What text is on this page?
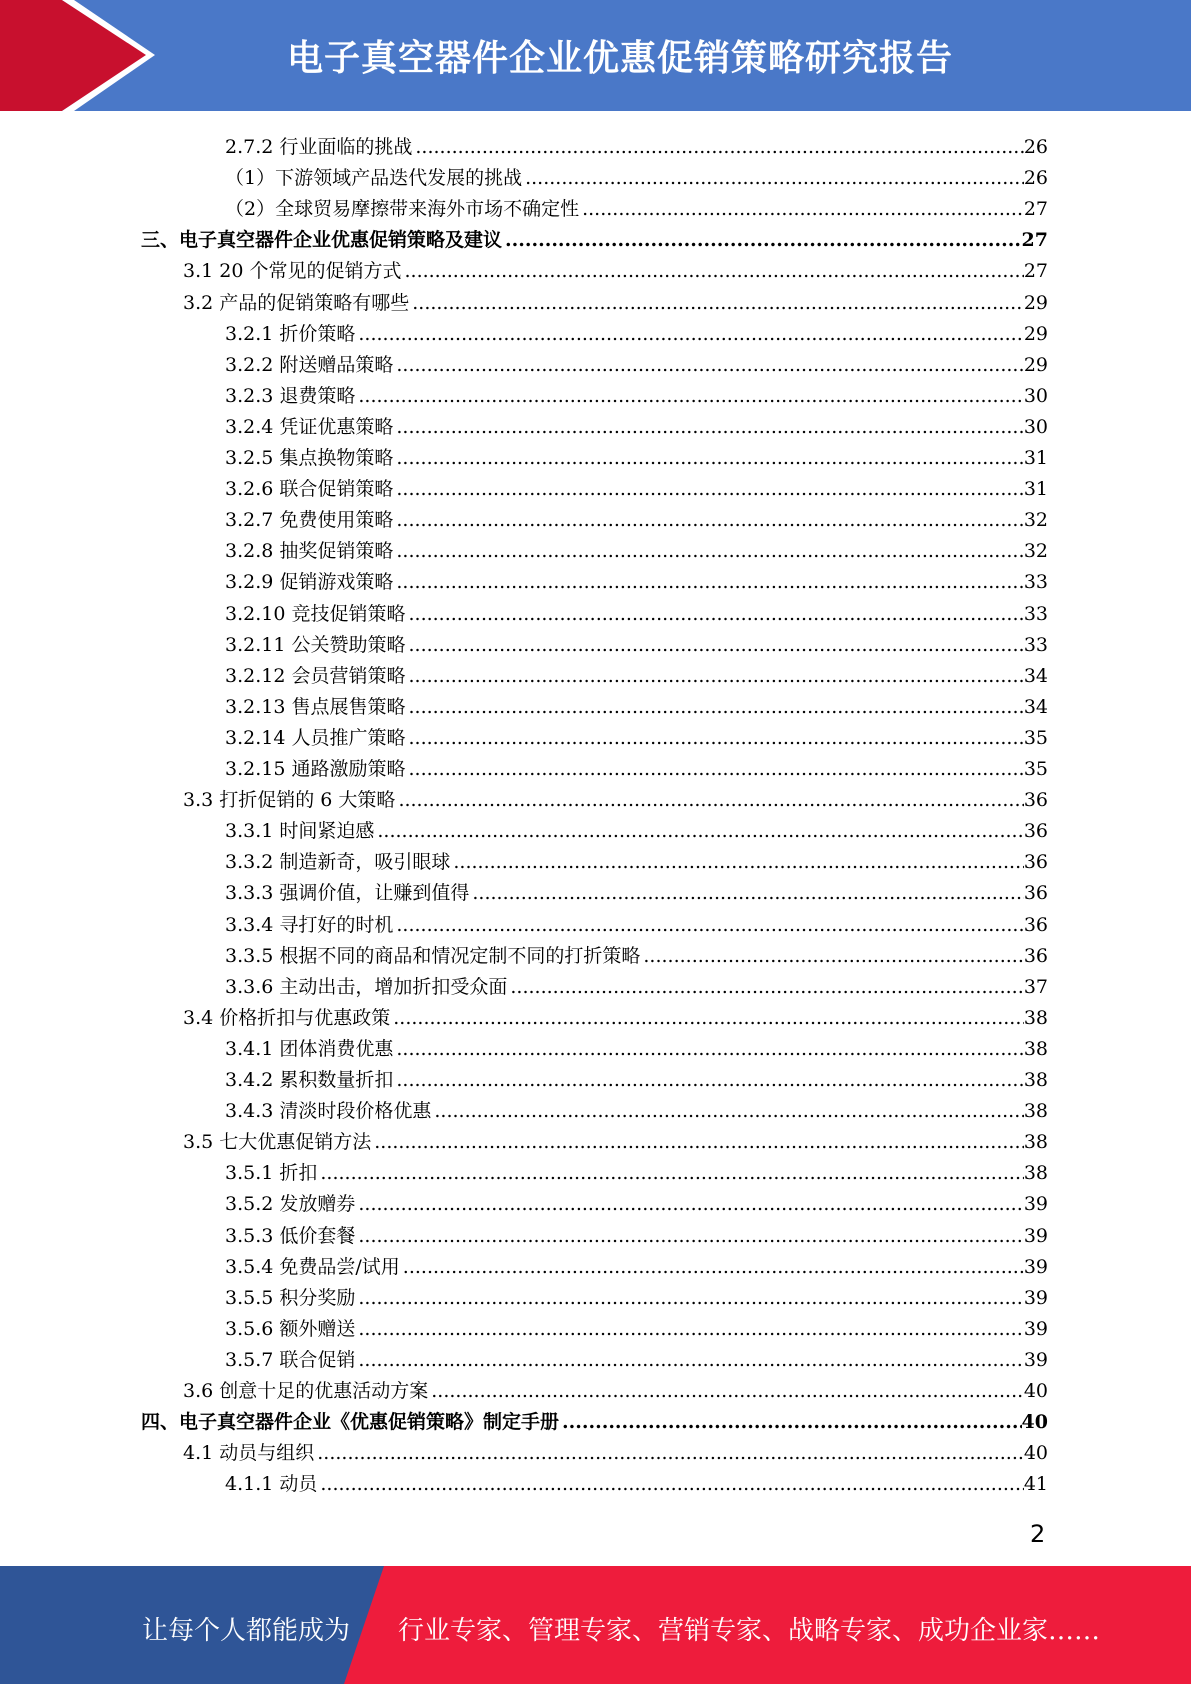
电子真空器件企业优惠促销策略研究报告
2.7.2 行业面临的挑战 .....	26
（1）下游领域产品迭代发展的挑战 .....	26
（2）全球贸易摩擦带来海外市场不确定性 .....	27
三、电子真空器件企业优惠促销策略及建议 .....	27
3.1 20 个常见的促销方式 .....	27
3.2 产品的促销策略有哪些 .....	29
3.2.1 折价策略 .....	29
3.2.2 附送赠品策略 .....	29
3.2.3 退费策略 .....	30
3.2.4 凭证优惠策略 .....	30
3.2.5 集点换物策略 .....	31
3.2.6 联合促销策略 .....	31
3.2.7 免费使用策略 .....	32
3.2.8 抽奖促销策略 .....	32
3.2.9 促销游戏策略 .....	33
3.2.10 竞技促销策略 .....	33
3.2.11 公关赞助策略 .....	33
3.2.12 会员营销策略 .....	34
3.2.13 售点展售策略 .....	34
3.2.14 人员推广策略 .....	35
3.2.15 通路激励策略 .....	35
3.3 打折促销的 6 大策略 .....	36
3.3.1 时间紧迫感 .....	36
3.3.2 制造新奇，吸引眼球 .....	36
3.3.3 强调价值，让赚到值得 .....	36
3.3.4 寻打好的时机 .....	36
3.3.5 根据不同的商品和情况定制不同的打折策略 .....	36
3.3.6 主动出击，增加折扣受众面 .....	37
3.4 价格折扣与优惠政策 .....	38
3.4.1 团体消费优惠 .....	38
3.4.2 累积数量折扣 .....	38
3.4.3 清淡时段价格优惠 .....	38
3.5 七大优惠促销方法 .....	38
3.5.1 折扣 .....	38
3.5.2 发放赠券 .....	39
3.5.3 低价套餐 .....	39
3.5.4 免费品尝/试用 .....	39
3.5.5 积分奖励 .....	39
3.5.6 额外赠送 .....	39
3.5.7 联合促销 .....	39
3.6 创意十足的优惠活动方案 .....	40
四、电子真空器件企业《优惠促销策略》制定手册 .....	40
4.1 动员与组织 .....	40
4.1.1 动员 .....	41
2
让每个人都能成为 行业专家、管理专家、营销专家、战略专家、成功企业家……
